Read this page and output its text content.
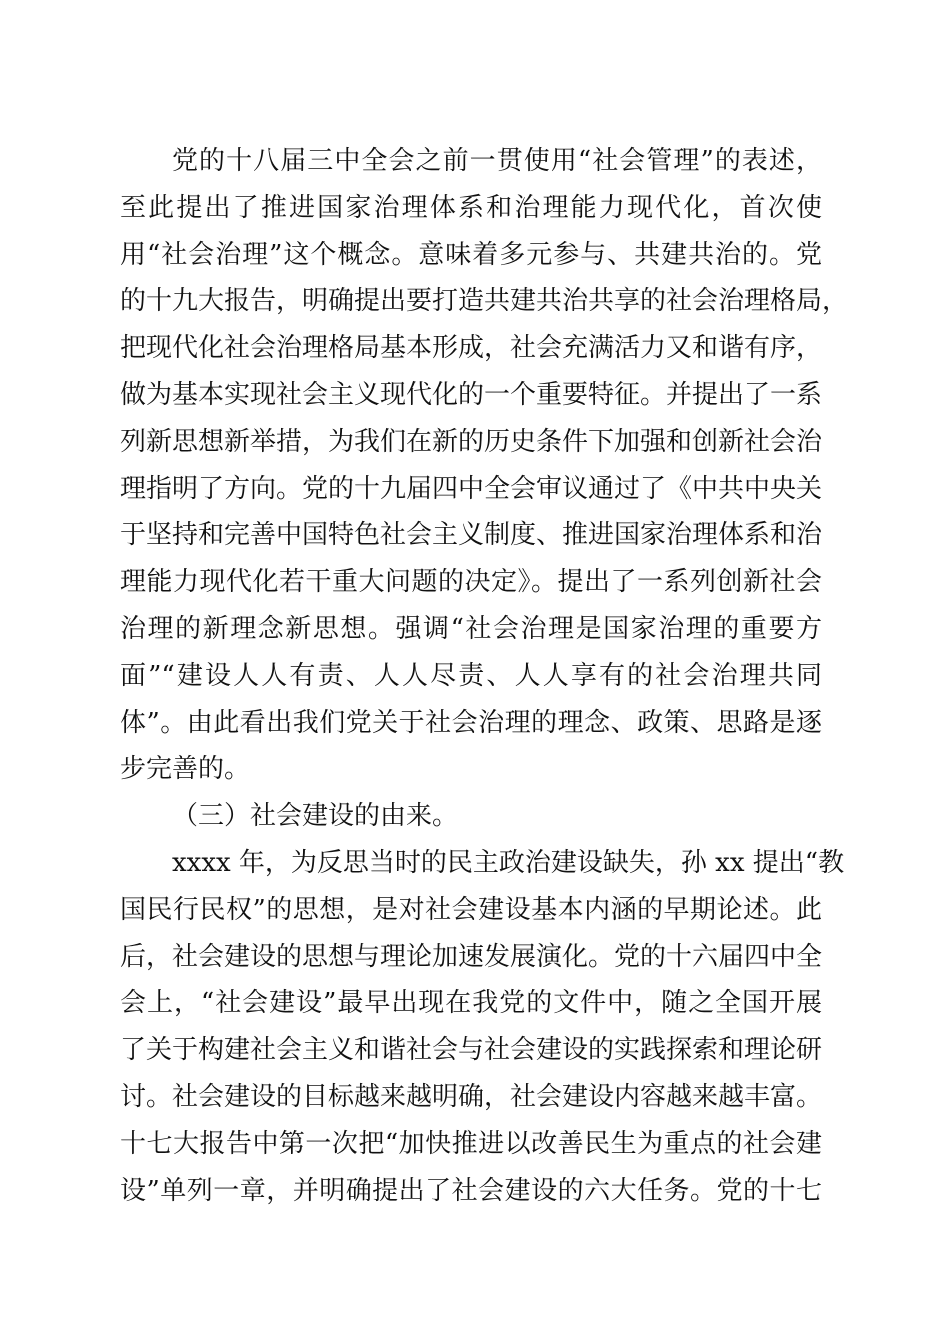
党的十八届三中全会之前一贯使用“社会管理”的表述，
至此提出了推进国家治理体系和治理能力现代化，首次使
用“社会治理”这个概念。意味着多元参与、共建共治的。党
的十九大报告，明确提出要打造共建共治共享的社会治理格局，
把现代化社会治理格局基本形成，社会充满活力又和谐有序，
做为基本实现社会主义现代化的一个重要特征。并提出了一系
列新思想新举措，为我们在新的历史条件下加强和创新社会治
理指明了方向。党的十九届四中全会审议通过了《中共中央关
于坚持和完善中国特色社会主义制度、推进国家治理体系和治
理能力现代化若干重大问题的决定》。提出了一系列创新社会
治理的新理念新思想。强调“社会治理是国家治理的重要方
面”“建设人人有责、人人尽责、人人享有的社会治理共同
体”。由此看出我们党关于社会治理的理念、政策、思路是逐
步完善的。
（三）社会建设的由来。
xxxx 年，为反思当时的民主政治建设缺失，孙 xx 提出“教
国民行民权”的思想，是对社会建设基本内涵的早期论述。此
后，社会建设的思想与理论加速发展演化。党的十六届四中全
会上，“社会建设”最早出现在我党的文件中，随之全国开展
了关于构建社会主义和谐社会与社会建设的实践探索和理论研
讨。社会建设的目标越来越明确，社会建设内容越来越丰富。
十七大报告中第一次把“加快推进以改善民生为重点的社会建
设”单列一章，并明确提出了社会建设的六大任务。党的十七
